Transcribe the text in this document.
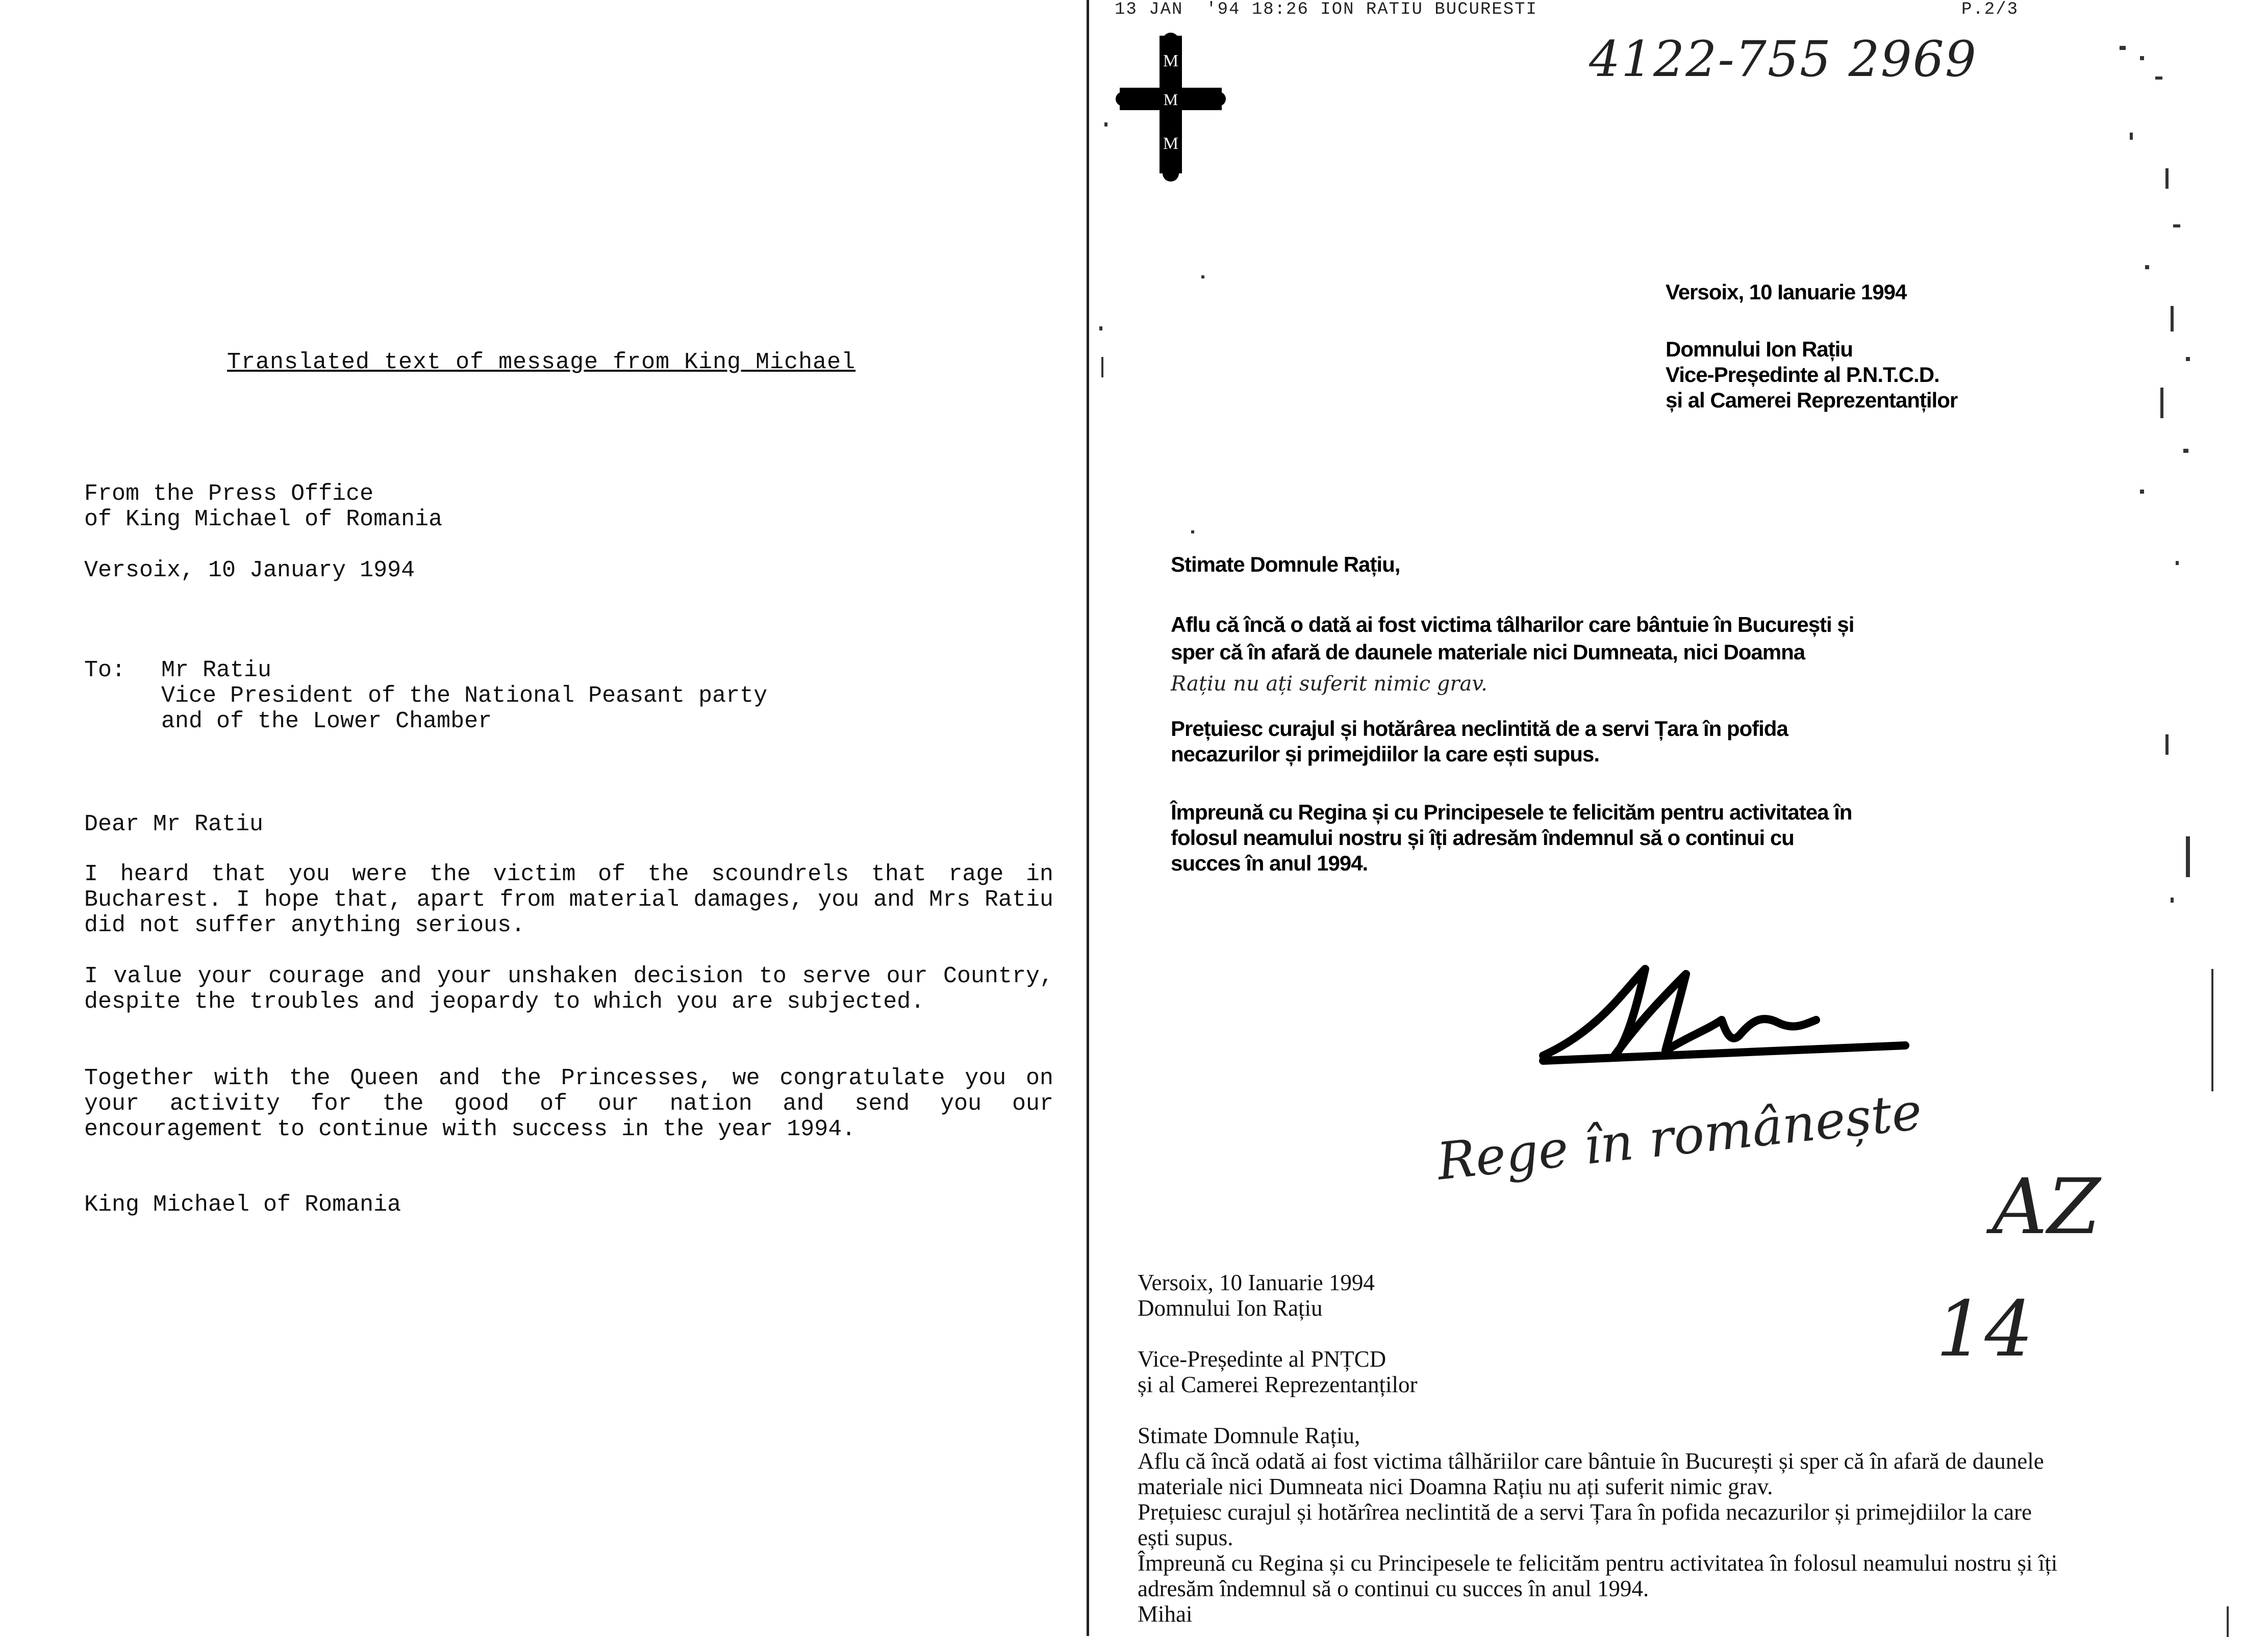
Translated text of message from King Michael
From the Press Office
of King Michael of Romania
Versoix, 10 January 1994
To: Mr Ratiu
Vice President of the National Peasant party
and of the Lower Chamber
Dear Mr Ratiu
I heard that you were the victim of the scoundrels that rage in Bucharest. I hope that, apart from material damages, you and Mrs Ratiu did not suffer anything serious.
I value your courage and your unshaken decision to serve our Country, despite the troubles and jeopardy to which you are subjected.
Together with the Queen and the Princesses, we congratulate you on your activity for the good of our nation and send you our encouragement to continue with success in the year 1994.
King Michael of Romania
13 JAN  '94 18:26 ION RATIU BUCURESTI	P.2/3
4122-755 2969
M
M
M
Versoix, 10 Ianuarie 1994
Domnului Ion Rațiu
Vice-Președinte al P.N.T.C.D.
și al Camerei Reprezentanților
Stimate Domnule Rațiu,
Aflu că încă o dată ai fost victima tâlharilor care bântuie în București și
sper că în afară de daunele materiale nici Dumneata, nici Doamna
Rațiu nu ați suferit nimic grav.
Prețuiesc curajul și hotărârea neclintită de a servi Țara în pofida
necazurilor și primejdiilor la care ești supus.
Împreună cu Regina și cu Principesele te felicităm pentru activitatea în
folosul neamului nostru și îți adresăm îndemnul să o continui cu
succes în anul 1994.
Rege în românește
AZ
14
Versoix, 10 Ianuarie 1994
Domnului Ion Rațiu
Vice-Președinte al PNȚCD
și al Camerei Reprezentanților
Stimate Domnule Rațiu,
Aflu că încă odată ai fost victima tâlhăriilor care bântuie în București și sper că în afară de daunele
materiale nici Dumneata nici Doamna Rațiu nu ați suferit nimic grav.
Prețuiesc curajul și hotărîrea neclintită de a servi Țara în pofida necazurilor și primejdiilor la care
ești supus.
Împreună cu Regina și cu Principesele te felicităm pentru activitatea în folosul neamului nostru și îți
adresăm îndemnul să o continui cu succes în anul 1994.
Mihai
